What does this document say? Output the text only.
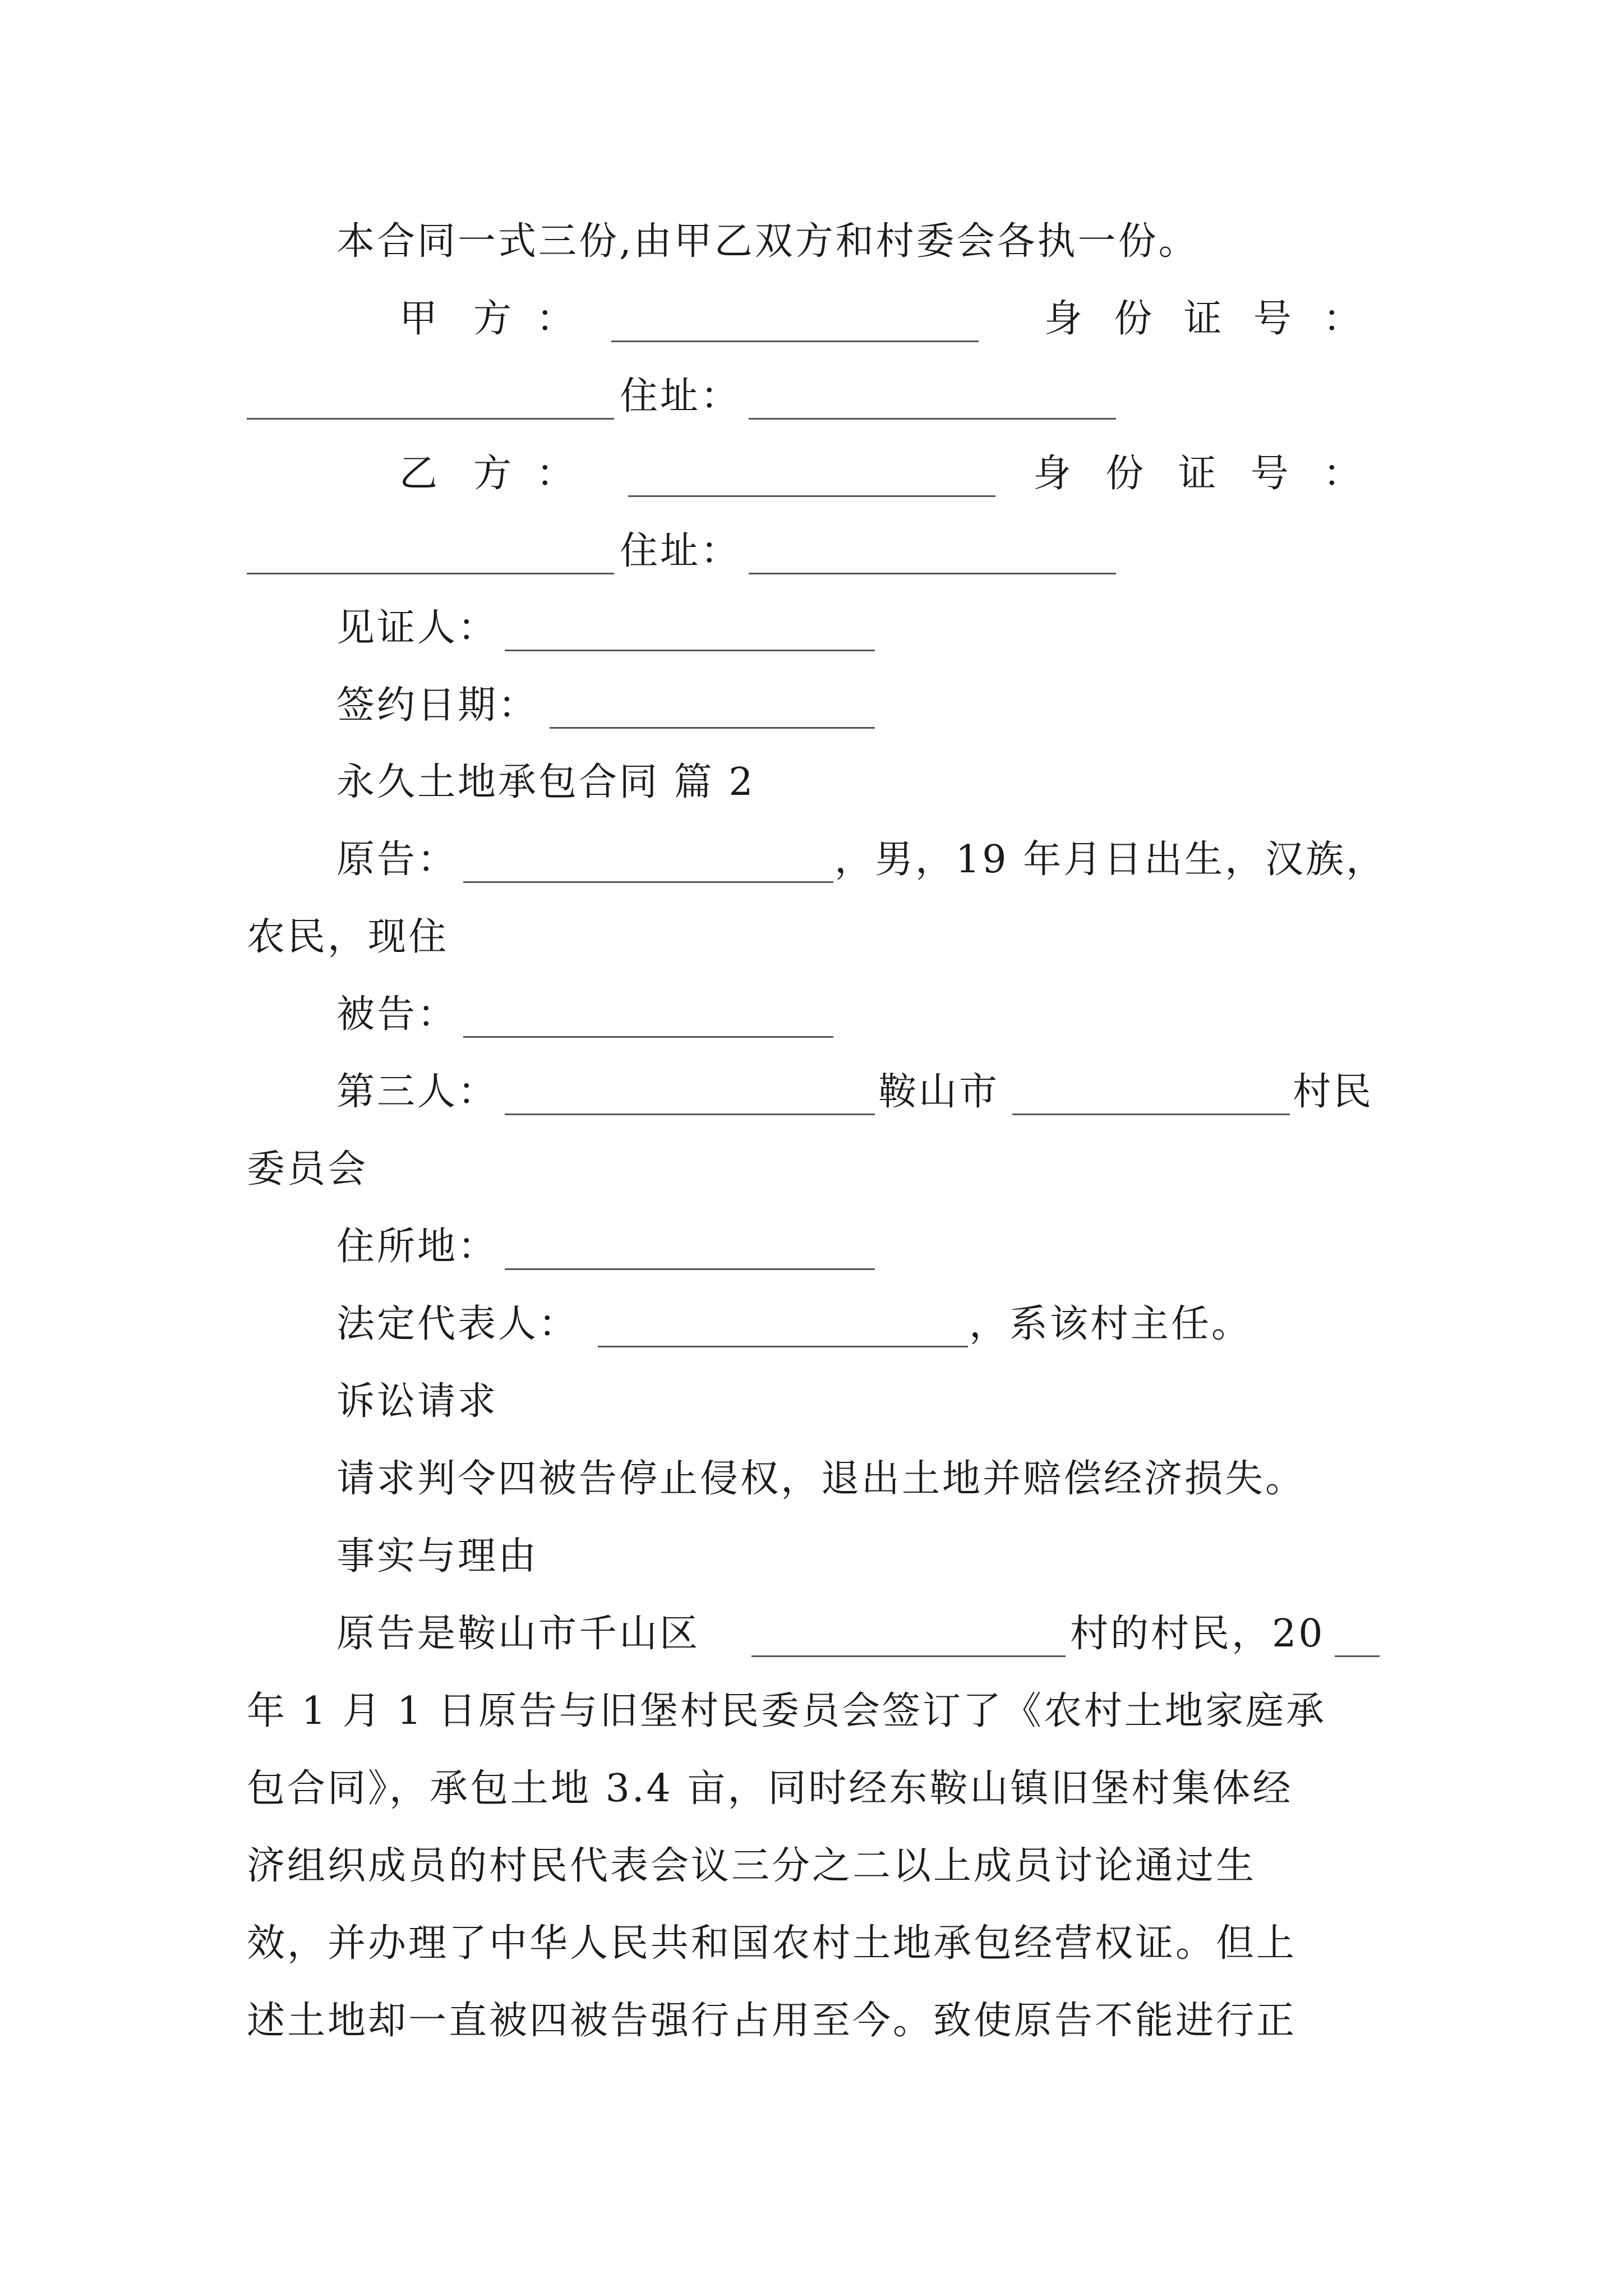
本合同一式三份,由甲乙双方和村委会各执一份。
甲 方 ：	身 份 证 号 ：
住址：
乙 方 ：	身 份 证 号 ：
住址：
见证人：
签约日期：
永久土地承包合同 篇 2
原告：	，男，19 年月日出生，汉族，
农民，现住
被告：
第三人：	鞍山市	村民
委员会
住所地：
法定代表人：	，系该村主任。
诉讼请求
请求判令四被告停止侵权，退出土地并赔偿经济损失。
事实与理由
原告是鞍山市千山区	村的村民，20
年 1 月 1 日原告与旧堡村民委员会签订了《农村土地家庭承
包合同》，承包土地 3.4 亩，同时经东鞍山镇旧堡村集体经
济组织成员的村民代表会议三分之二以上成员讨论通过生
效，并办理了中华人民共和国农村土地承包经营权证。但上
述土地却一直被四被告强行占用至今。致使原告不能进行正
